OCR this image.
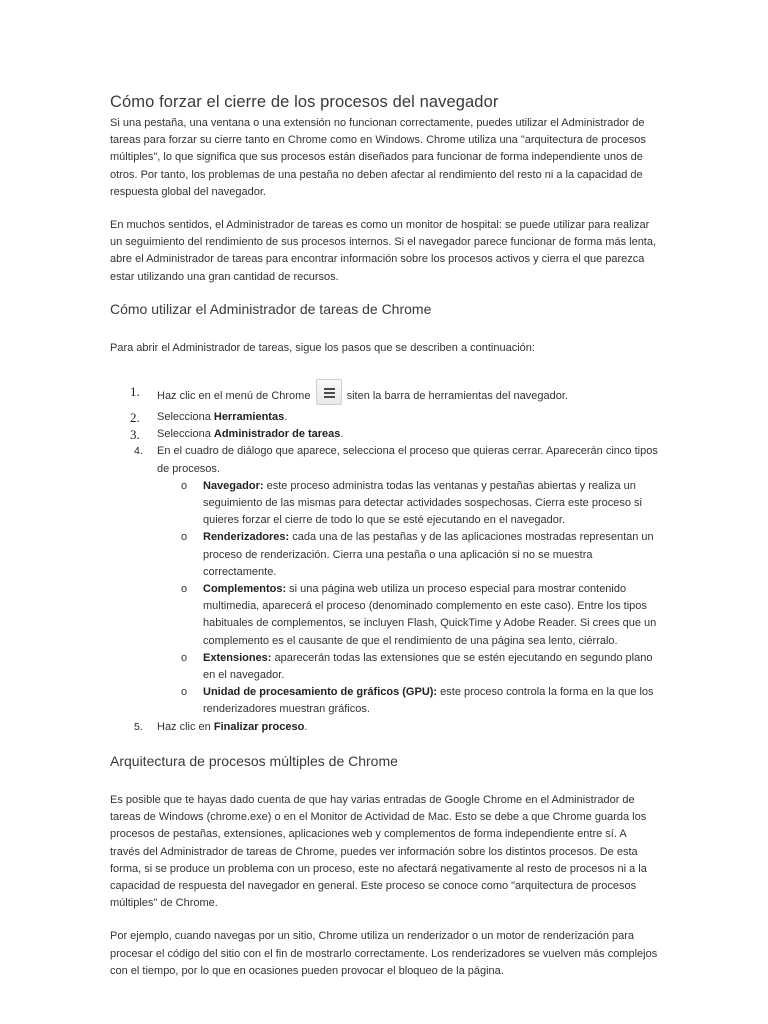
Cómo forzar el cierre de los procesos del navegador

Si una pestaña, una ventana o una extensión no funcionan correctamente, puedes utilizar el Administrador de tareas para forzar su cierre tanto en Chrome como en Windows. Chrome utiliza una "arquitectura de procesos múltiples", lo que significa que sus procesos están diseñados para funcionar de forma independiente unos de otros. Por tanto, los problemas de una pestaña no deben afectar al rendimiento del resto ni a la capacidad de respuesta global del navegador.

En muchos sentidos, el Administrador de tareas es como un monitor de hospital: se puede utilizar para realizar un seguimiento del rendimiento de sus procesos internos. Si el navegador parece funcionar de forma más lenta, abre el Administrador de tareas para encontrar información sobre los procesos activos y cierra el que parezca estar utilizando una gran cantidad de recursos.

Cómo utilizar el Administrador de tareas de Chrome

Para abrir el Administrador de tareas, sigue los pasos que se describen a continuación:

1. Haz clic en el menú de Chrome	siten la barra de herramientas del navegador.
2. Selecciona Herramientas.
3. Selecciona Administrador de tareas.
4. En el cuadro de diálogo que aparece, selecciona el proceso que quieras cerrar. Aparecerán cinco tipos de procesos.
o Navegador: este proceso administra todas las ventanas y pestañas abiertas y realiza un seguimiento de las mismas para detectar actividades sospechosas. Cierra este proceso si quieres forzar el cierre de todo lo que se esté ejecutando en el navegador.
o Renderizadores: cada una de las pestañas y de las aplicaciones mostradas representan un proceso de renderización. Cierra una pestaña o una aplicación si no se muestra correctamente.
o Complementos: si una página web utiliza un proceso especial para mostrar contenido multimedia, aparecerá el proceso (denominado complemento en este caso). Entre los tipos habituales de complementos, se incluyen Flash, QuickTime y Adobe Reader. Si crees que un complemento es el causante de que el rendimiento de una página sea lento, ciérralo.
o Extensiones: aparecerán todas las extensiones que se estén ejecutando en segundo plano en el navegador.
o Unidad de procesamiento de gráficos (GPU): este proceso controla la forma en la que los renderizadores muestran gráficos.
5. Haz clic en Finalizar proceso.
Arquitectura de procesos múltiples de Chrome

Es posible que te hayas dado cuenta de que hay varias entradas de Google Chrome en el Administrador de tareas de Windows (chrome.exe) o en el Monitor de Actividad de Mac. Esto se debe a que Chrome guarda los procesos de pestañas, extensiones, aplicaciones web y complementos de forma independiente entre sí. A través del Administrador de tareas de Chrome, puedes ver información sobre los distintos procesos. De esta forma, si se produce un problema con un proceso, este no afectará negativamente al resto de procesos ni a la capacidad de respuesta del navegador en general. Este proceso se conoce como "arquitectura de procesos múltiples" de Chrome.

Por ejemplo, cuando navegas por un sitio, Chrome utiliza un renderizador o un motor de renderización para procesar el código del sitio con el fin de mostrarlo correctamente. Los renderizadores se vuelven más complejos con el tiempo, por lo que en ocasiones pueden provocar el bloqueo de la página.
